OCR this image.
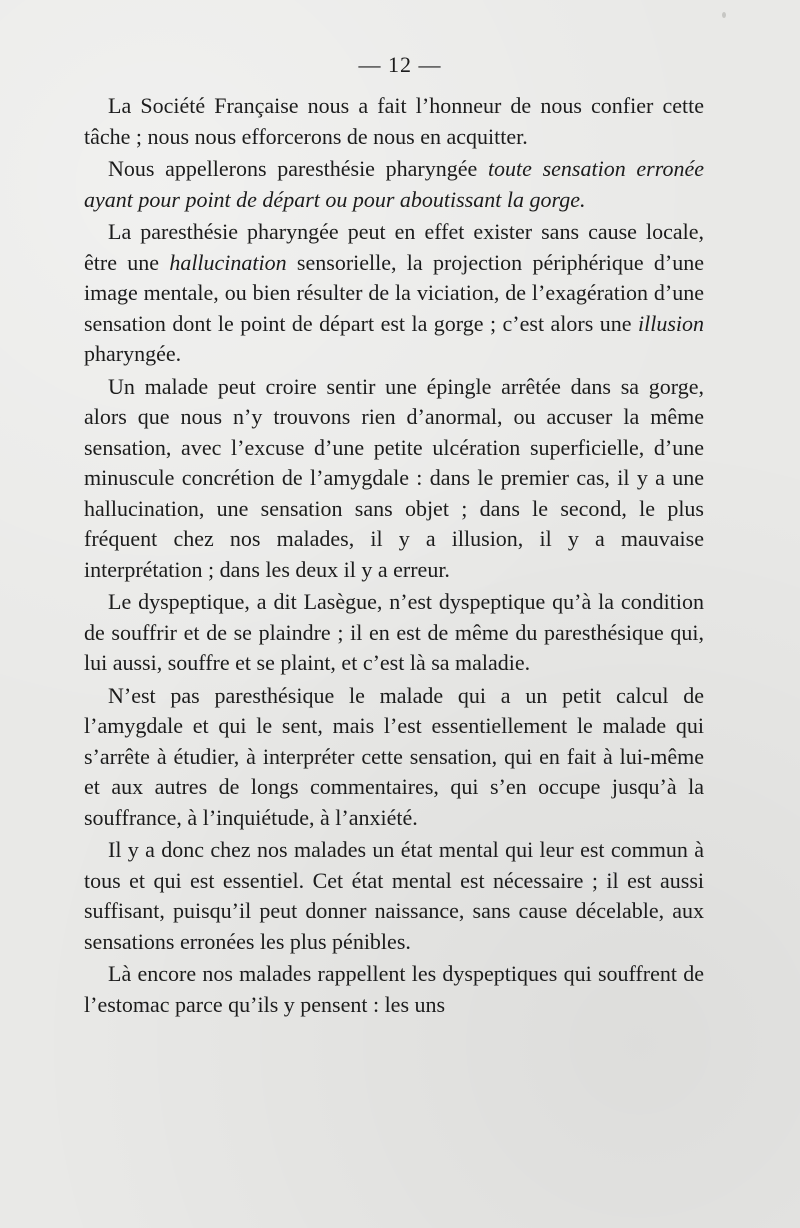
— 12 —

La Société Française nous a fait l’honneur de nous confier cette tâche ; nous nous efforcerons de nous en acquitter.

Nous appellerons paresthésie pharyngée toute sensation erronée ayant pour point de départ ou pour aboutissant la gorge.

La paresthésie pharyngée peut en effet exister sans cause locale, être une hallucination sensorielle, la projection périphérique d’une image mentale, ou bien résulter de la viciation, de l’exagération d’une sensation dont le point de départ est la gorge ; c’est alors une illusion pharyngée.

Un malade peut croire sentir une épingle arrêtée dans sa gorge, alors que nous n’y trouvons rien d’anormal, ou accuser la même sensation, avec l’excuse d’une petite ulcération superficielle, d’une minuscule concrétion de l’amygdale : dans le premier cas, il y a une hallucination, une sensation sans objet ; dans le second, le plus fréquent chez nos malades, il y a illusion, il y a mauvaise interprétation ; dans les deux il y a erreur.

Le dyspeptique, a dit Lasègue, n’est dyspeptique qu’à la condition de souffrir et de se plaindre ; il en est de même du paresthésique qui, lui aussi, souffre et se plaint, et c’est là sa maladie.

N’est pas paresthésique le malade qui a un petit calcul de l’amygdale et qui le sent, mais l’est essentiellement le malade qui s’arrête à étudier, à interpréter cette sensation, qui en fait à lui-même et aux autres de longs commentaires, qui s’en occupe jusqu’à la souffrance, à l’inquiétude, à l’anxiété.

Il y a donc chez nos malades un état mental qui leur est commun à tous et qui est essentiel. Cet état mental est nécessaire ; il est aussi suffisant, puisqu’il peut donner naissance, sans cause décelable, aux sensations erronées les plus pénibles.

Là encore nos malades rappellent les dyspeptiques qui souffrent de l’estomac parce qu’ils y pensent : les uns
